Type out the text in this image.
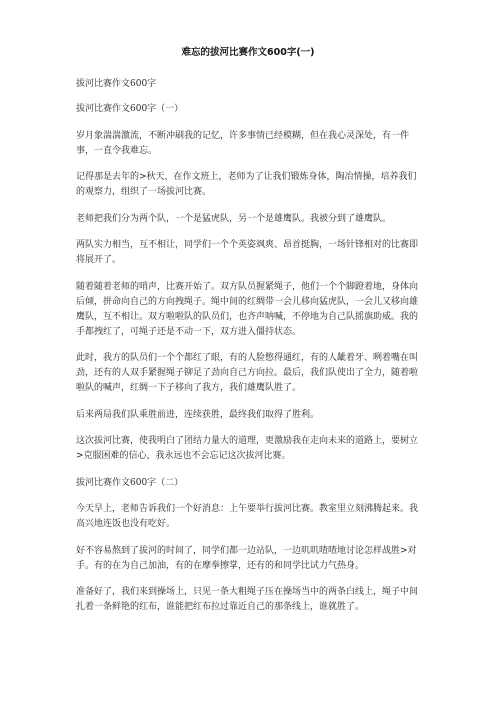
难忘的拔河比赛作文600字(一)

拔河比赛作文600字

拔河比赛作文600字（一）

岁月象湍湍激流，不断冲刷我的记忆，许多事情已经模糊，但在我心灵深处，有一件事，一直令我难忘。

记得那是去年的>秋天，在作文班上，老师为了让我们锻炼身体，陶冶情操，培养我们的观察力，组织了一场拔河比赛。

老师把我们分为两个队，一个是猛虎队，另一个是雄鹰队。我被分到了雄鹰队。

两队实力相当，互不相让，同学们一个个英姿飒爽、昂首挺胸，一场针锋相对的比赛即将展开了。

随着随着老师的哨声，比赛开始了。双方队员握紧绳子，他们一个个脚蹬着地，身体向后倾，拼命向自己的方向拽绳子。绳中间的红绸带一会儿移向猛虎队，一会儿又移向雄鹰队，互不相让。双方啦啦队的队员们，也齐声呐喊，不停地为自己队摇旗助威。我的手都拽红了，可绳子还是不动一下，双方进入僵持状态。

此时，我方的队员们一个个都红了眼，有的人脸憋得通红，有的人龇着牙、咧着嘴在叫劲，还有的人双手紧握绳子铆足了劲向自己方向拉。最后，我们队使出了全力，随着啦啦队的喊声，红绸一下子移向了我方，我们雄鹰队胜了。

后来两局我们队乘胜前进，连续获胜，最终我们取得了胜利。

这次拔河比赛，使我明白了团结力量大的道理，更激励我在走向未来的道路上，要树立>克服困难的信心，我永远也不会忘记这次拔河比赛。

拔河比赛作文600字（二）

今天早上，老师告诉我们一个好消息：上午要举行拔河比赛。教室里立刻沸腾起来。我高兴地连饭也没有吃好。

好不容易熬到了拔河的时间了，同学们都一边站队，一边叽叽喳喳地讨论怎样战胜>对手。有的在为自己加油，有的在摩拳擦掌，还有的和同学比试力气热身。

准备好了，我们来到操场上，只见一条大粗绳子压在操场当中的两条白线上，绳子中间扎着一条鲜艳的红布，谁能把红布拉过靠近自己的那条线上，谁就胜了。
